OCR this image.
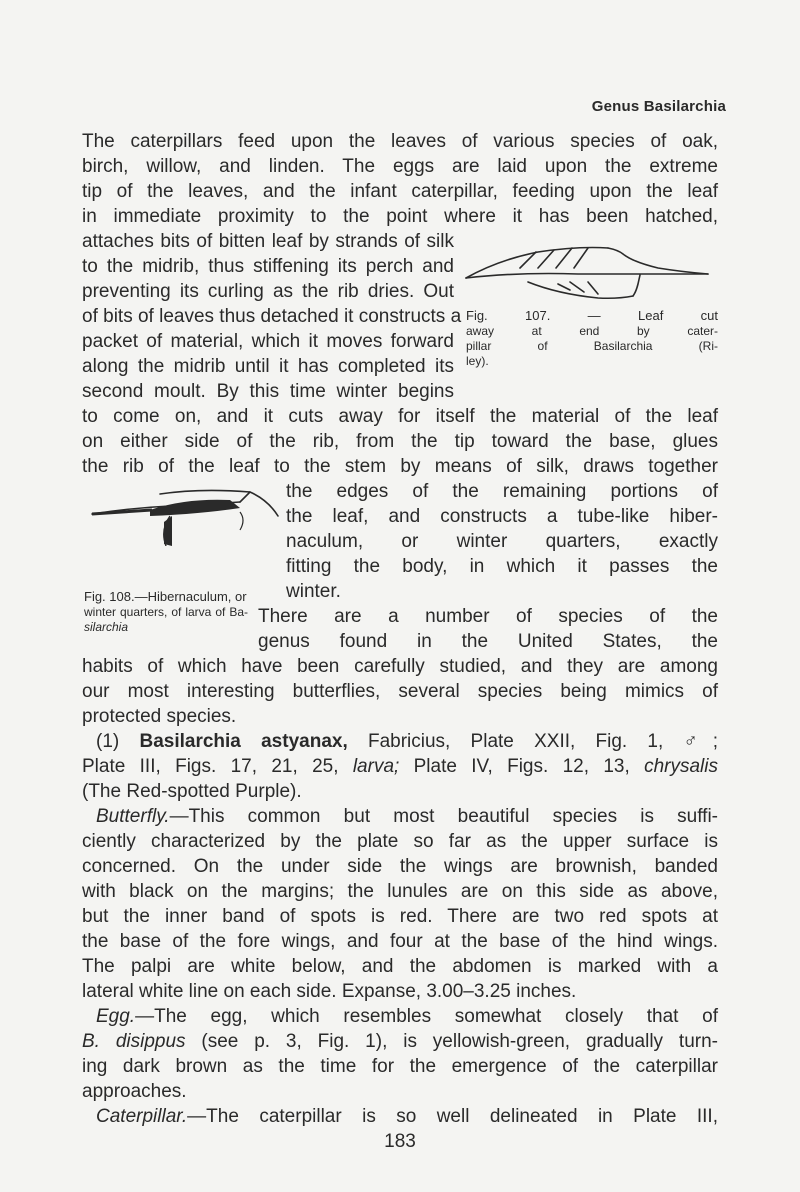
Genus Basilarchia
The caterpillars feed upon the leaves of various species of oak,
birch, willow, and linden. The eggs are laid upon the extreme
tip of the leaves, and the infant caterpillar, feeding upon the leaf
in immediate proximity to the point where it has been hatched,
attaches bits of bitten leaf by strands of silk
to the midrib, thus stiffening its perch and
preventing its curling as the rib dries. Out
of bits of leaves thus detached it constructs a
packet of material, which it moves forward
along the midrib until it has completed its
second moult. By this time winter begins
Fig. 107. — Leaf cut
away at end by cater-
pillar of Basilarchia (Ri-
ley).
to come on, and it cuts away for itself the material of the leaf
on either side of the rib, from the tip toward the base, glues
the rib of the leaf to the stem by means of silk, draws together
the edges of the remaining portions of
the leaf, and constructs a tube-like hiber-
naculum, or winter quarters, exactly
fitting the body, in which it passes the
winter.
Fig. 108.—Hibernaculum, or
winter quarters, of larva of Ba-
silarchia	There are a number of species of the
genus found in the United States, the
habits of which have been carefully studied, and they are among
our most interesting butterflies, several species being mimics of
protected species.
(1) Basilarchia astyanax, Fabricius, Plate XXII, Fig. 1, ♂;
Plate III, Figs. 17, 21, 25, larva; Plate IV, Figs. 12, 13, chrysalis
(The Red-spotted Purple).
Butterfly.—This common but most beautiful species is suffi-
ciently characterized by the plate so far as the upper surface is
concerned. On the under side the wings are brownish, banded
with black on the margins; the lunules are on this side as above,
but the inner band of spots is red. There are two red spots at
the base of the fore wings, and four at the base of the hind wings.
The palpi are white below, and the abdomen is marked with a
lateral white line on each side. Expanse, 3.00–3.25 inches.
Egg.—The egg, which resembles somewhat closely that of
B. disippus (see p. 3, Fig. 1), is yellowish-green, gradually turn-
ing dark brown as the time for the emergence of the caterpillar
approaches.
Caterpillar.—The caterpillar is so well delineated in Plate III,
183
